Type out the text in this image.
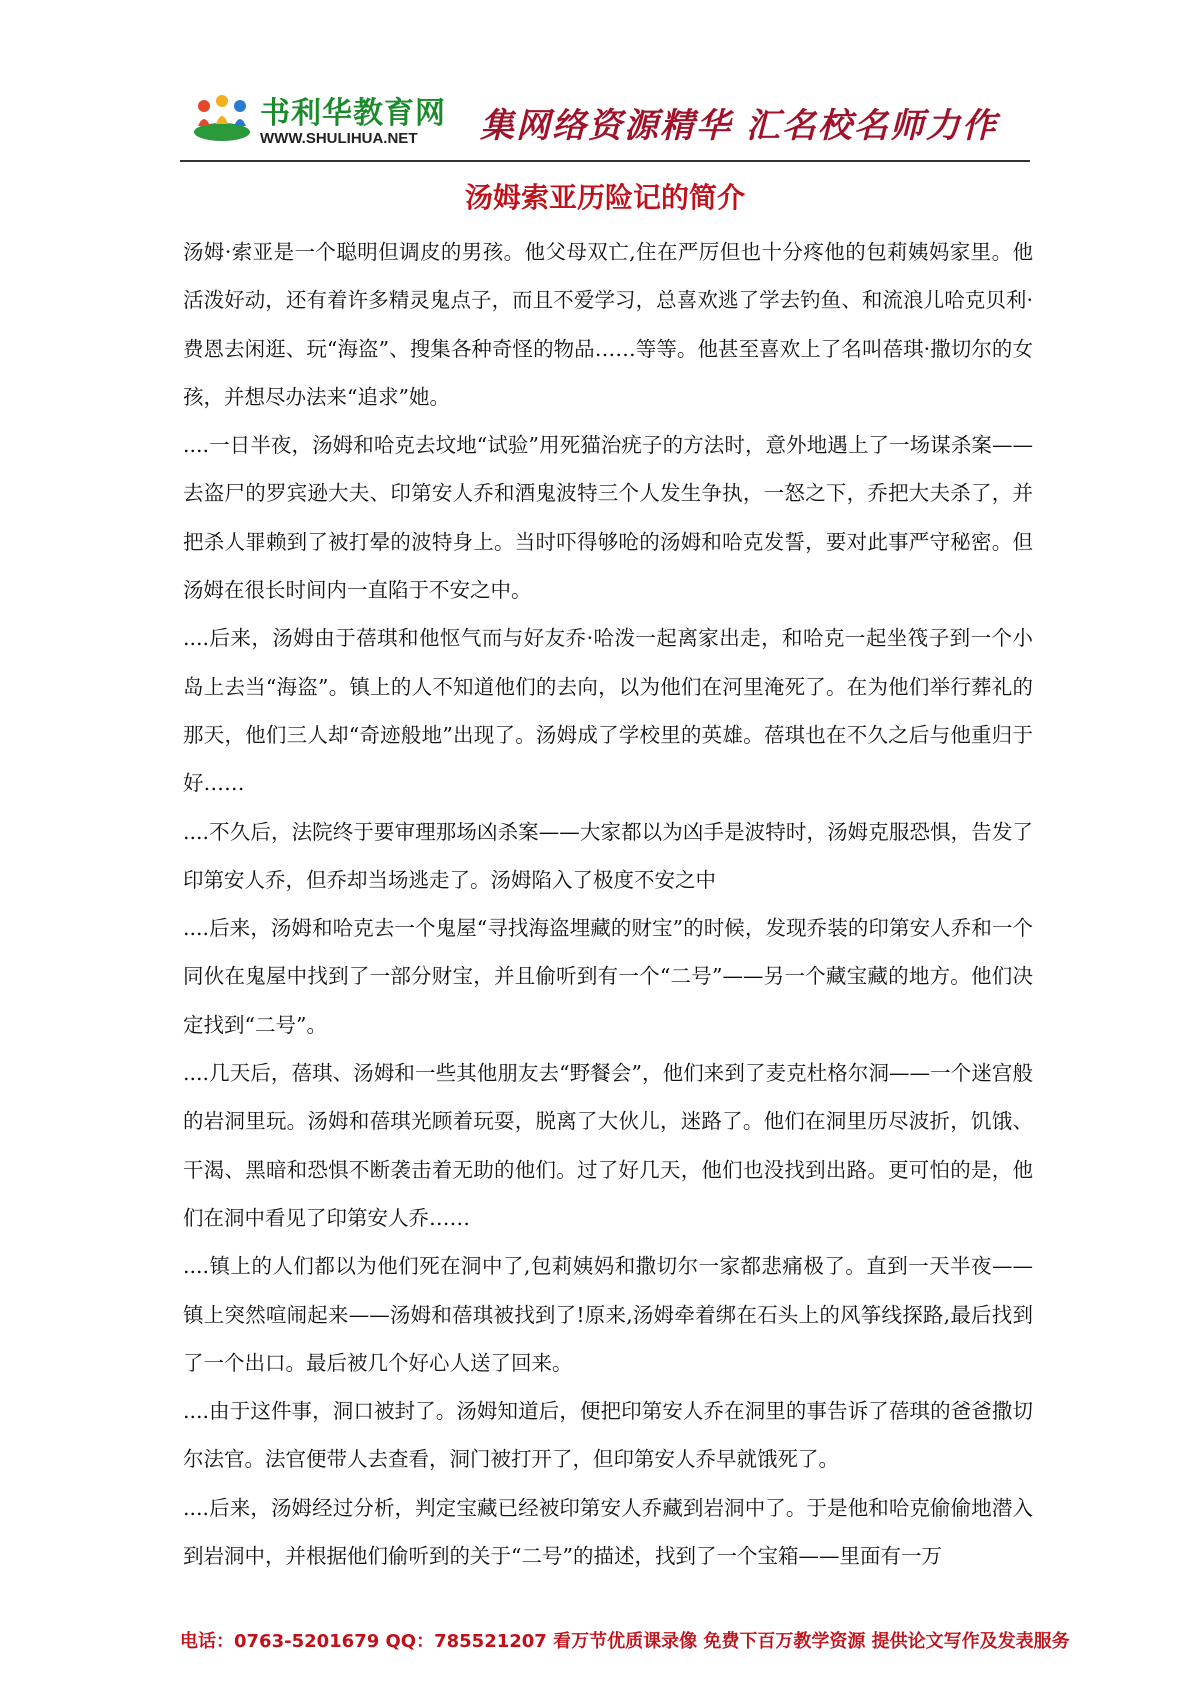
书利华教育网
WWW.SHULIHUA.NET 集网络资源精华 汇名校名师力作
汤姆索亚历险记的简介

汤姆·索亚是一个聪明但调皮的男孩。他父母双亡,住在严厉但也十分疼他的包莉姨妈家里。他活泼好动，还有着许多精灵鬼点子，而且不爱学习，总喜欢逃了学去钓鱼、和流浪儿哈克贝利·费恩去闲逛、玩“海盗”、搜集各种奇怪的物品……等等。他甚至喜欢上了名叫蓓琪·撒切尔的女孩，并想尽办法来“追求”她。

....一日半夜，汤姆和哈克去坟地“试验”用死猫治疣子的方法时，意外地遇上了一场谋杀案——去盗尸的罗宾逊大夫、印第安人乔和酒鬼波特三个人发生争执，一怒之下，乔把大夫杀了，并把杀人罪赖到了被打晕的波特身上。当时吓得够呛的汤姆和哈克发誓，要对此事严守秘密。但汤姆在很长时间内一直陷于不安之中。

....后来，汤姆由于蓓琪和他怄气而与好友乔·哈泼一起离家出走，和哈克一起坐筏子到一个小岛上去当“海盗”。镇上的人不知道他们的去向，以为他们在河里淹死了。在为他们举行葬礼的那天，他们三人却“奇迹般地”出现了。汤姆成了学校里的英雄。蓓琪也在不久之后与他重归于好……

....不久后，法院终于要审理那场凶杀案——大家都以为凶手是波特时，汤姆克服恐惧，告发了印第安人乔，但乔却当场逃走了。汤姆陷入了极度不安之中

....后来，汤姆和哈克去一个鬼屋“寻找海盗埋藏的财宝”的时候，发现乔装的印第安人乔和一个同伙在鬼屋中找到了一部分财宝，并且偷听到有一个“二号”——另一个藏宝藏的地方。他们决定找到“二号”。

....几天后，蓓琪、汤姆和一些其他朋友去“野餐会”，他们来到了麦克杜格尔洞——一个迷宫般的岩洞里玩。汤姆和蓓琪光顾着玩耍，脱离了大伙儿，迷路了。他们在洞里历尽波折，饥饿、干渴、黑暗和恐惧不断袭击着无助的他们。过了好几天，他们也没找到出路。更可怕的是，他们在洞中看见了印第安人乔……

....镇上的人们都以为他们死在洞中了,包莉姨妈和撒切尔一家都悲痛极了。直到一天半夜——镇上突然喧闹起来——汤姆和蓓琪被找到了!原来,汤姆牵着绑在石头上的风筝线探路,最后找到了一个出口。最后被几个好心人送了回来。

....由于这件事，洞口被封了。汤姆知道后，便把印第安人乔在洞里的事告诉了蓓琪的爸爸撒切尔法官。法官便带人去查看，洞门被打开了，但印第安人乔早就饿死了。

....后来，汤姆经过分析，判定宝藏已经被印第安人乔藏到岩洞中了。于是他和哈克偷偷地潜入到岩洞中，并根据他们偷听到的关于“二号”的描述，找到了一个宝箱——里面有一万

电话：0763-5201679 QQ：785521207 看万节优质课录像 免费下百万教学资源 提供论文写作及发表服务
